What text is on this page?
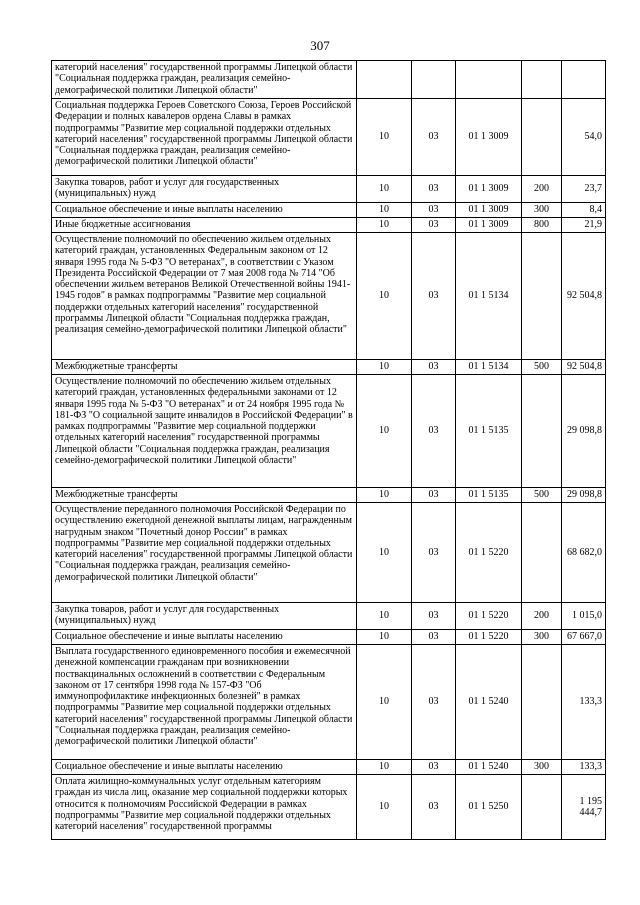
307
категорий населения" государственной программы Липецкой области "Социальная поддержка граждан, реализация семейно-демографической политики Липецкой области"					
Социальная поддержка Героев Советского Союза, Героев Российской Федерации и полных кавалеров ордена Славы в рамках подпрограммы "Развитие мер социальной поддержки отдельных категорий населения" государственной программы Липецкой области "Социальная поддержка граждан, реализация семейно-демографической политики Липецкой области"	10	03	01 1 3009		54,0
Закупка товаров, работ и услуг для государственных (муниципальных) нужд	10	03	01 1 3009	200	23,7
Социальное обеспечение и иные выплаты населению	10	03	01 1 3009	300	8,4
Иные бюджетные ассигнования	10	03	01 1 3009	800	21,9
Осуществление полномочий по обеспечению жильем отдельных категорий граждан, установленных Федеральным законом от 12 января 1995 года № 5-ФЗ "О ветеранах", в соответствии с Указом Президента Российской Федерации от 7 мая 2008 года № 714 "Об обеспечении жильем ветеранов Великой Отечественной войны 1941-1945 годов" в рамках подпрограммы "Развитие мер социальной поддержки отдельных категорий населения" государственной программы Липецкой области "Социальная поддержка граждан, реализация семейно-демографической политики Липецкой области"	10	03	01 1 5134		92 504,8
Межбюджетные трансферты	10	03	01 1 5134	500	92 504,8
Осуществление полномочий по обеспечению жильем отдельных категорий граждан, установленных федеральными законами от 12 января 1995 года № 5-ФЗ "О ветеранах" и от 24 ноября 1995 года № 181-ФЗ "О социальной защите инвалидов в Российской Федерации" в рамках подпрограммы "Развитие мер социальной поддержки отдельных категорий населения" государственной программы Липецкой области "Социальная поддержка граждан, реализация семейно-демографической политики Липецкой области"	10	03	01 1 5135		29 098,8
Межбюджетные трансферты	10	03	01 1 5135	500	29 098,8
Осуществление переданного полномочия Российской Федерации по осуществлению ежегодной денежной выплаты лицам, награжденным нагрудным знаком "Почетный донор России" в рамках подпрограммы "Развитие мер социальной поддержки отдельных категорий населения" государственной программы Липецкой области "Социальная поддержка граждан, реализация семейно-демографической политики Липецкой области"	10	03	01 1 5220		68 682,0
Закупка товаров, работ и услуг для государственных (муниципальных) нужд	10	03	01 1 5220	200	1 015,0
Социальное обеспечение и иные выплаты населению	10	03	01 1 5220	300	67 667,0
Выплата государственного единовременного пособия и ежемесячной денежной компенсации гражданам при возникновении поствакцинальных осложнений в соответствии с Федеральным законом от 17 сентября 1998 года № 157-ФЗ "Об иммунопрофилактике инфекционных болезней" в рамках подпрограммы "Развитие мер социальной поддержки отдельных категорий населения" государственной программы Липецкой области "Социальная поддержка граждан, реализация семейно-демографической политики Липецкой области"	10	03	01 1 5240		133,3
Социальное обеспечение и иные выплаты населению	10	03	01 1 5240	300	133,3
Оплата жилищно-коммунальных услуг отдельным категориям граждан из числа лиц, оказание мер социальной поддержки которых относится к полномочиям Российской Федерации в рамках подпрограммы "Развитие мер социальной поддержки отдельных категорий населения" государственной программы	10	03	01 1 5250		1 195 444,7
